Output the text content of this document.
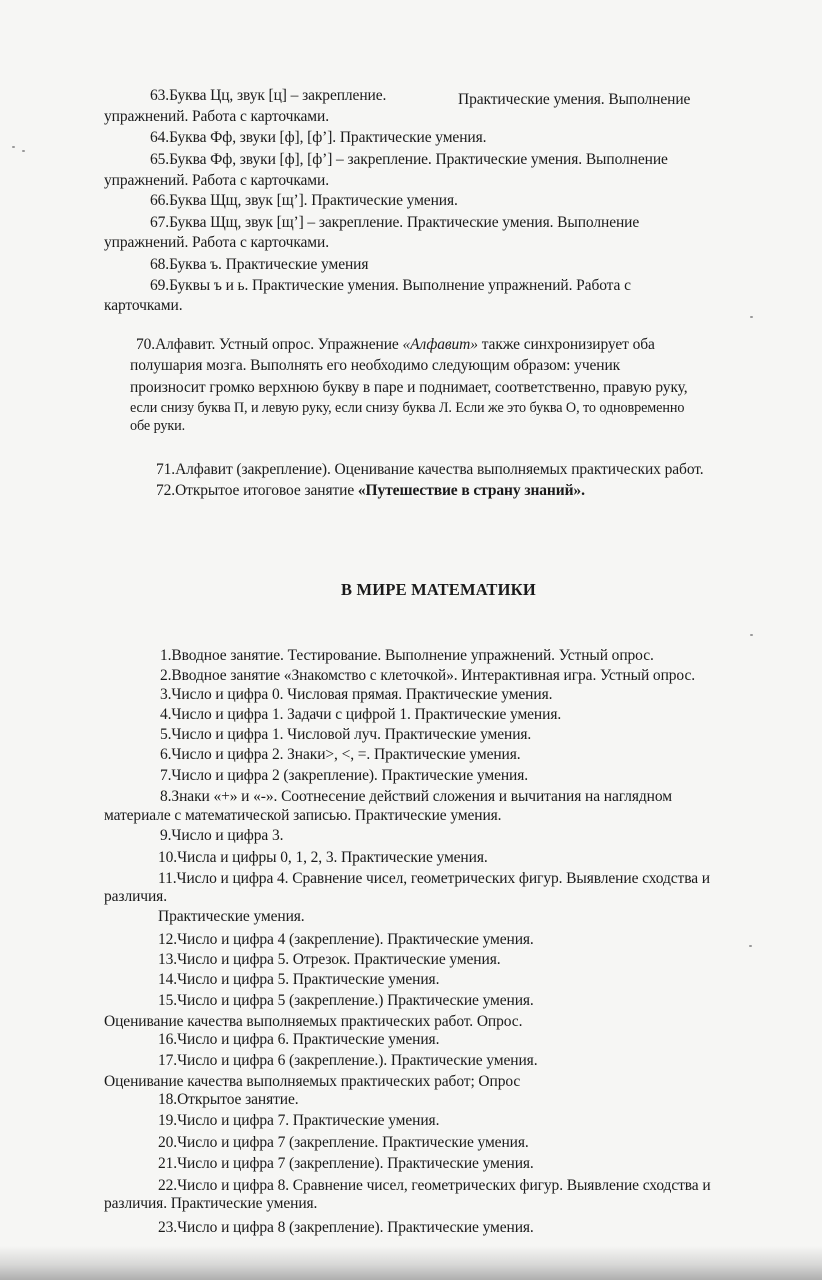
63.Буква Цц, звук [ц] – закрепление.	Практические умения. Выполнение

упражнений. Работа с карточками.

64.Буква Фф, звуки [ф], [ф’]. Практические умения.

65.Буква Фф, звуки [ф], [ф’] – закрепление. Практические умения. Выполнение

упражнений. Работа с карточками.

66.Буква Щщ, звук [щ’]. Практические умения.

67.Буква Щщ, звук [щ’] – закрепление. Практические умения. Выполнение

упражнений. Работа с карточками.

68.Буква ъ. Практические умения

69.Буквы ъ и ь. Практические умения. Выполнение упражнений. Работа с

карточками.

70.Алфавит. Устный опрос. Упражнение «Алфавит» также синхронизирует оба

полушария мозга. Выполнять его необходимо следующим образом: ученик

произносит громко верхнюю букву в паре и поднимает, соответственно, правую руку,

если снизу буква П, и левую руку, если снизу буква Л. Если же это буква О, то одновременно

обе руки.

71.Алфавит (закрепление). Оценивание качества выполняемых практических работ.

72.Открытое итоговое занятие «Путешествие в страну знаний».

В МИРЕ МАТЕМАТИКИ

1.Вводное занятие. Тестирование. Выполнение упражнений. Устный опрос.

2.Вводное занятие «Знакомство с клеточкой». Интерактивная игра. Устный опрос.

3.Число и цифра 0. Числовая прямая. Практические умения.

4.Число и цифра 1. Задачи с цифрой 1. Практические умения.

5.Число и цифра 1. Числовой луч. Практические умения.

6.Число и цифра 2. Знаки>, <, =. Практические умения.

7.Число и цифра 2 (закрепление). Практические умения.

8.Знаки «+» и «-». Соотнесение действий сложения и вычитания на наглядном

материале с математической записью. Практические умения.

9.Число и цифра 3.

10.Числа и цифры 0, 1, 2, 3. Практические умения.

11.Число и цифра 4. Сравнение чисел, геометрических фигур. Выявление сходства и

различия.

Практические умения.

12.Число и цифра 4 (закрепление). Практические умения.

13.Число и цифра 5. Отрезок. Практические умения.

14.Число и цифра 5. Практические умения.

15.Число и цифра 5 (закрепление.) Практические умения.

Оценивание качества выполняемых практических работ. Опрос.

16.Число и цифра 6. Практические умения.

17.Число и цифра 6 (закрепление.). Практические умения.

Оценивание качества выполняемых практических работ; Опрос

18.Открытое занятие.

19.Число и цифра 7. Практические умения.

20.Число и цифра 7 (закрепление. Практические умения.

21.Число и цифра 7 (закрепление). Практические умения.

22.Число и цифра 8. Сравнение чисел, геометрических фигур. Выявление сходства и

различия. Практические умения.

23.Число и цифра 8 (закрепление). Практические умения.
